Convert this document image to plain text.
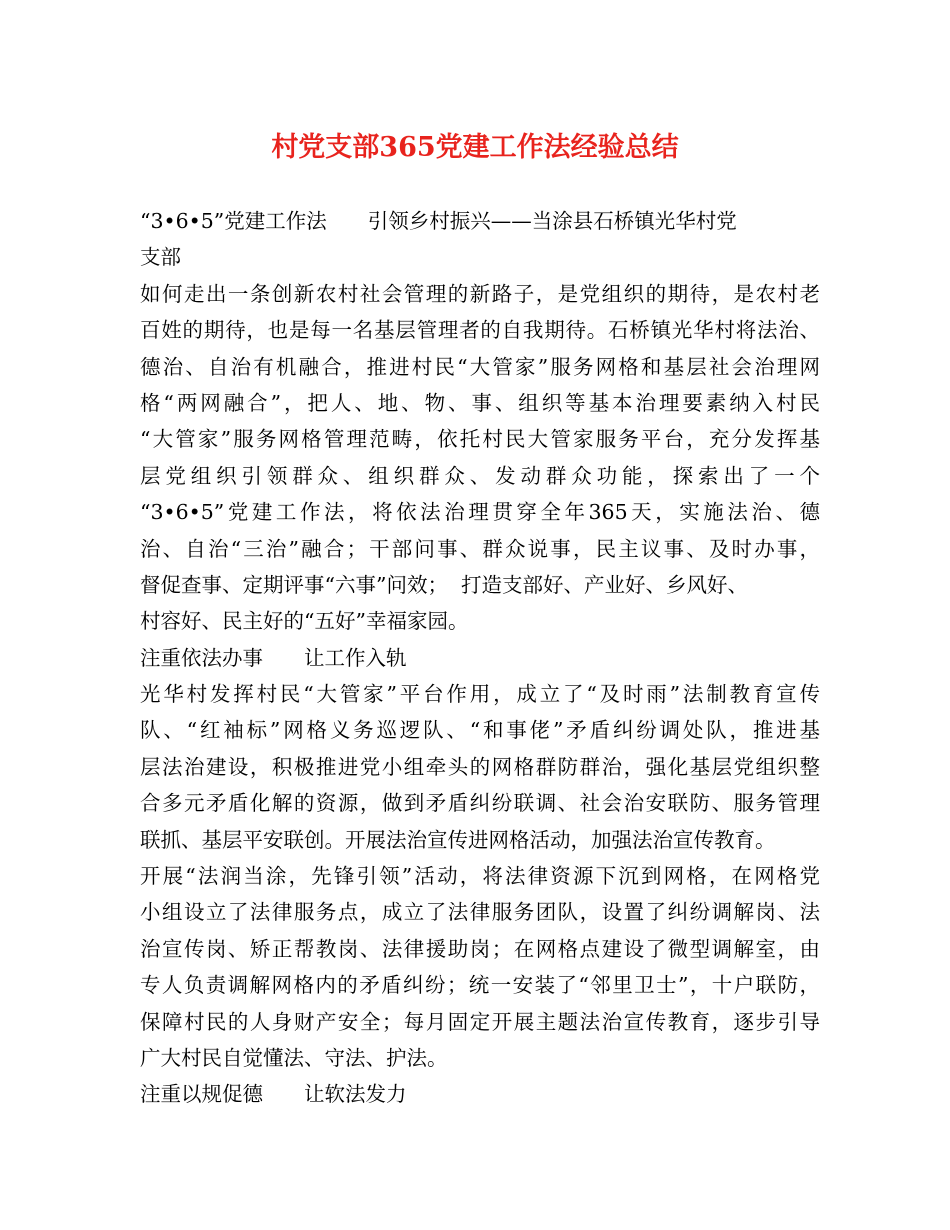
村党支部365党建工作法经验总结
“3•6•5”党建工作法　　引领乡村振兴——当涂县石桥镇光华村党
支部
如何走出一条创新农村社会管理的新路子，是党组织的期待，是农村老
百姓的期待，也是每一名基层管理者的自我期待。石桥镇光华村将法治、
德治、自治有机融合，推进村民“大管家”服务网格和基层社会治理网
格“两网融合”，把人、地、物、事、组织等基本治理要素纳入村民
“大管家”服务网格管理范畴，依托村民大管家服务平台，充分发挥基
层党组织引领群众、组织群众、发动群众功能，探索出了一个
“3•6•5”党建工作法，将依法治理贯穿全年365天，实施法治、德
治、自治“三治”融合；干部问事、群众说事，民主议事、及时办事，
督促查事、定期评事“六事”问效；  打造支部好、产业好、乡风好、
村容好、民主好的“五好”幸福家园。
注重依法办事　　让工作入轨
光华村发挥村民“大管家”平台作用，成立了“及时雨”法制教育宣传
队、“红袖标”网格义务巡逻队、“和事佬”矛盾纠纷调处队，推进基
层法治建设，积极推进党小组牵头的网格群防群治，强化基层党组织整
合多元矛盾化解的资源，做到矛盾纠纷联调、社会治安联防、服务管理
联抓、基层平安联创。开展法治宣传进网格活动，加强法治宣传教育。
开展“法润当涂，先锋引领”活动，将法律资源下沉到网格，在网格党
小组设立了法律服务点，成立了法律服务团队，设置了纠纷调解岗、法
治宣传岗、矫正帮教岗、法律援助岗；在网格点建设了微型调解室，由
专人负责调解网格内的矛盾纠纷；统一安装了“邻里卫士”，十户联防，
保障村民的人身财产安全；每月固定开展主题法治宣传教育，逐步引导
广大村民自觉懂法、守法、护法。
注重以规促德　　让软法发力
